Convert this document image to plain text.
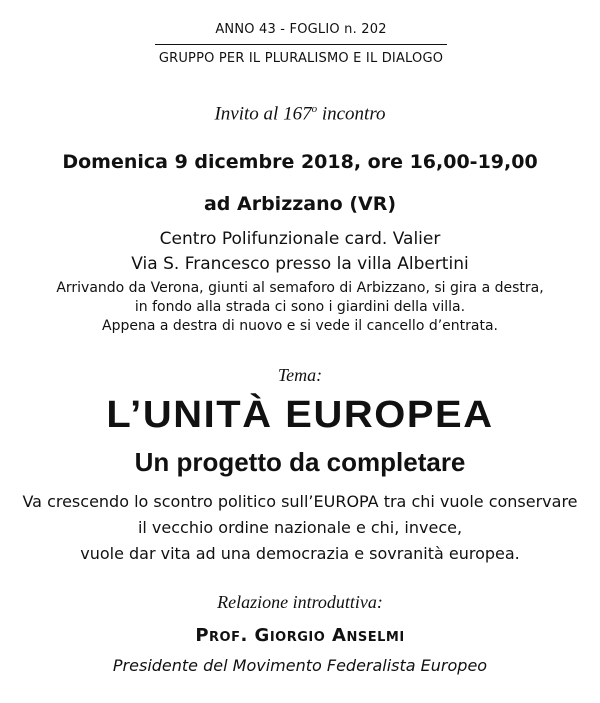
ANNO 43 - FOGLIO n. 202
GRUPPO PER IL PLURALISMO E IL DIALOGO
Invito al 167$^o$ incontro
Domenica 9 dicembre 2018, ore 16,00-19,00
ad Arbizzano (VR)
Centro Polifunzionale card. Valier
Via S. Francesco presso la villa Albertini
Arrivando da Verona, giunti al semaforo di Arbizzano, si gira a destra,
in fondo alla strada ci sono i giardini della villa.
Appena a destra di nuovo e si vede il cancello d’entrata.
Tema:
L’UNITÀ EUROPEA
Un progetto da completare
Va crescendo lo scontro politico sull’EUROPA tra chi vuole conservare
il vecchio ordine nazionale e chi, invece,
vuole dar vita ad una democrazia e sovranità europea.
Relazione introduttiva:
Prof. Giorgio Anselmi
Presidente del Movimento Federalista Europeo
